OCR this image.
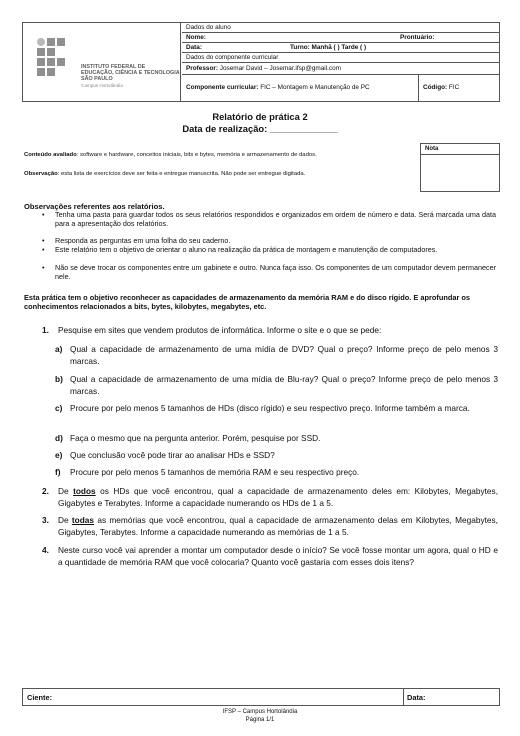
INSTITUTO FEDERAL DE
EDUCAÇÃO, CIÊNCIA E TECNOLOGIA
SÃO PAULO
Campus Hortolândia
Dados do aluno
Nome:	Prontuário:
Data:	Turno: Manhã ( ) Tarde ( )
Dados do componente curricular
Professor: Josemar David – Josemar.ifsp@gmail.com
Componente curricular: FIC – Montagem e Manutenção de PC	Código: FIC
Relatório de prática 2
Data de realização: _____________
Nota
Conteúdo avaliado: software e hardware, conceitos iniciais, bits e bytes, memória e armazenamento de dados.
Observação: esta lista de exercícios deve ser feita e entregue manuscrita. Não pode ser entregue digitada.
Observações referentes aos relatórios.
• Tenha uma pasta para guardar todos os seus relatórios respondidos e organizados em ordem de número e data. Será marcada uma data para a apresentação dos relatórios.
• Responda as perguntas em uma folha do seu caderno.
• Este relatório tem o objetivo de orientar o aluno na realização da prática de montagem e manutenção de computadores.
• Não se deve trocar os componentes entre um gabinete e outro. Nunca faça isso. Os componentes de um computador devem permanecer nele.
Esta prática tem o objetivo reconhecer as capacidades de armazenamento da memória RAM e do disco rígido. E aprofundar os conhecimentos relacionados a bits, bytes, kilobytes, megabytes, etc.
1. Pesquise em sites que vendem produtos de informática. Informe o site e o que se pede:
a) Qual a capacidade de armazenamento de uma mídia de DVD? Qual o preço? Informe preço de pelo menos 3 marcas.
b) Qual a capacidade de armazenamento de uma mídia de Blu-ray? Qual o preço? Informe preço de pelo menos 3 marcas.
c) Procure por pelo menos 5 tamanhos de HDs (disco rígido) e seu respectivo preço. Informe também a marca.
d) Faça o mesmo que na pergunta anterior. Porém, pesquise por SSD.
e) Que conclusão você pode tirar ao analisar HDs e SSD?
f) Procure por pelo menos 5 tamanhos de memória RAM e seu respectivo preço.
2. De todos os HDs que você encontrou, qual a capacidade de armazenamento deles em: Kilobytes, Megabytes, Gigabytes e Terabytes. Informe a capacidade numerando os HDs de 1 a 5.
3. De todas as memórias que você encontrou, qual a capacidade de armazenamento delas em Kilobytes, Megabytes, Gigabytes, Terabytes. Informe a capacidade numerando as memórias de 1 a 5.
4. Neste curso você vai aprender a montar um computador desde o início? Se você fosse montar um agora, qual o HD e a quantidade de memória RAM que você colocaria? Quanto você gastaria com esses dois itens?
Ciente:	Data:
IFSP – Campus Hortolândia
Página 1/1
